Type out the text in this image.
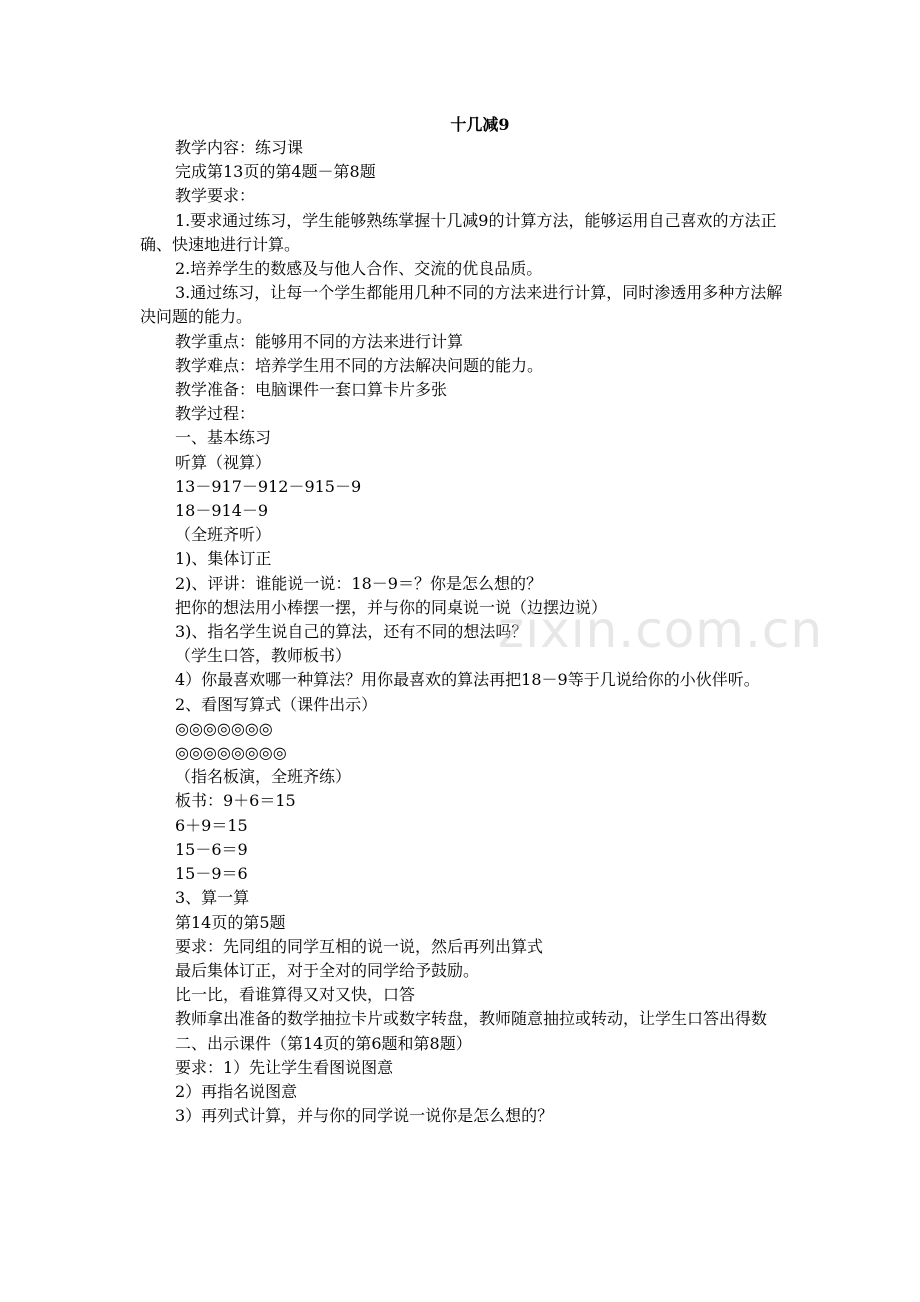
十几减9

教学内容：练习课

完成第13页的第4题－第8题

教学要求：

1.要求通过练习，学生能够熟练掌握十几减9的计算方法，能够运用自己喜欢的方法正确、快速地进行计算。

2.培养学生的数感及与他人合作、交流的优良品质。

3.通过练习，让每一个学生都能用几种不同的方法来进行计算，同时渗透用多种方法解决问题的能力。

教学重点：能够用不同的方法来进行计算

教学难点：培养学生用不同的方法解决问题的能力。

教学准备：电脑课件一套口算卡片多张

教学过程：

一、基本练习

听算（视算）

13－917－912－915－9

18－914－9

（全班齐听）

1)、集体订正

2)、评讲：谁能说一说：18－9＝？你是怎么想的？

把你的想法用小棒摆一摆，并与你的同桌说一说（边摆边说）

3)、指名学生说自己的算法，还有不同的想法吗？

（学生口答，教师板书）

4）你最喜欢哪一种算法？用你最喜欢的算法再把18－9等于几说给你的小伙伴听。

2、看图写算式（课件出示）

◎◎◎◎◎◎◎

◎◎◎◎◎◎◎◎

（指名板演，全班齐练）

板书：9＋6＝15

6＋9＝15

15－6＝9

15－9＝6

3、算一算

第14页的第5题

要求：先同组的同学互相的说一说，然后再列出算式

最后集体订正，对于全对的同学给予鼓励。

比一比，看谁算得又对又快，口答

教师拿出准备的数学抽拉卡片或数字转盘，教师随意抽拉或转动，让学生口答出得数

二、出示课件（第14页的第6题和第8题）

要求：1）先让学生看图说图意

2）再指名说图意

3）再列式计算，并与你的同学说一说你是怎么想的？

zixin.com.cn
